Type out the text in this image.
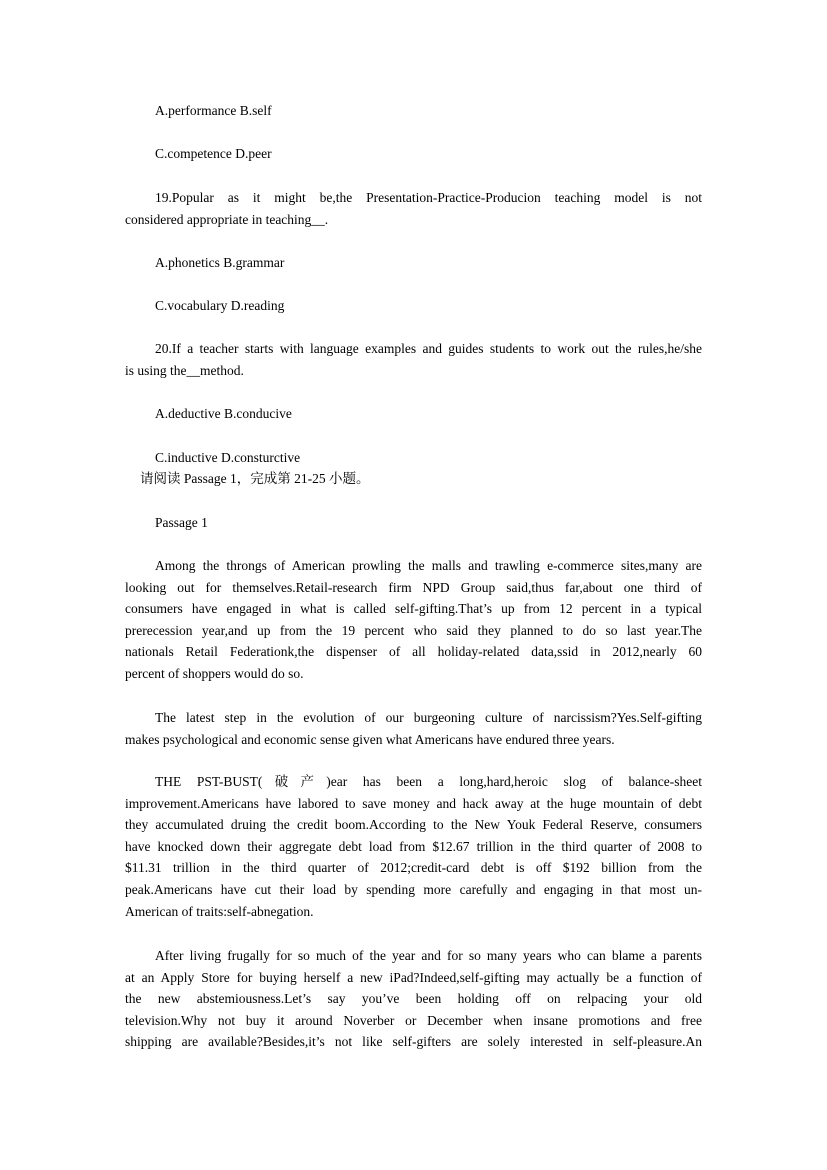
A.performance B.self
C.competence D.peer
19.Popular as it might be,the Presentation-Practice-Producion teaching model is not
considered appropriate in teaching__.
A.phonetics B.grammar
C.vocabulary D.reading
20.If a teacher starts with language examples and guides students to work out the rules,he/she
is using the__method.
A.deductive B.conducive
C.inductive D.consturctive
请阅读 Passage 1，完成第 21-25 小题。
Passage 1
Among the throngs of American prowling the malls and trawling e-commerce sites,many are
looking out for themselves.Retail-research firm NPD Group said,thus far,about one third of
consumers have engaged in what is called self-gifting.That’s up from 12 percent in a typical
prerecession year,and up from the 19 percent who said they planned to do so last year.The
nationals Retail Federationk,the dispenser of all holiday-related data,ssid in 2012,nearly 60
percent of shoppers would do so.
The latest step in the evolution of our burgeoning culture of narcissism?Yes.Self-gifting
makes psychological and economic sense given what Americans have endured three years.
THE PST-BUST(破产)ear has been a long,hard,heroic slog of balance-sheet
improvement.Americans have labored to save money and hack away at the huge mountain of debt
they accumulated druing the credit boom.According to the New Youk Federal Reserve, consumers
have knocked down their aggregate debt load from $12.67 trillion in the third quarter of 2008 to
$11.31 trillion in the third quarter of 2012;credit-card debt is off $192 billion from the
peak.Americans have cut their load by spending more carefully and engaging in that most un-
American of traits:self-abnegation.
After living frugally for so much of the year and for so many years who can blame a parents
at an Apply Store for buying herself a new iPad?Indeed,self-gifting may actually be a function of
the new abstemiousness.Let’s say you’ve been holding off on relpacing your old
television.Why not buy it around Noverber or December when insane promotions and free
shipping are available?Besides,it’s not like self-gifters are solely interested in self-pleasure.An
